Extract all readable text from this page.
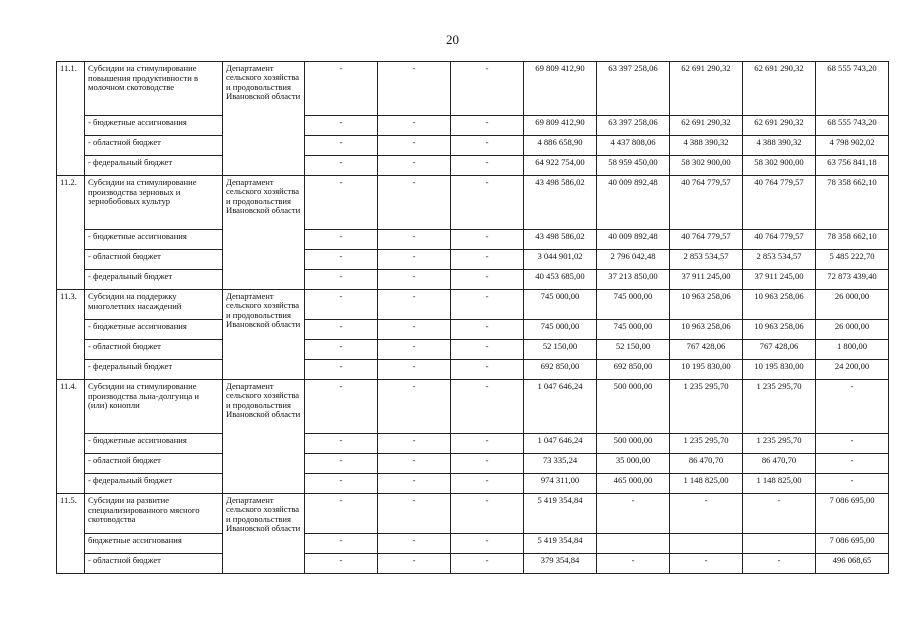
20
11.1.	Субсидии на стимулирование повышения продуктивности в молочном скотоводстве	Департамент сельского хозяйства и продовольствия Ивановской области	-	-	-	69 809 412,90	63 397 258,06	62 691 290,32	62 691 290,32	68 555 743,20
	- бюджетные ассигнования		-	-	-	69 809 412,90	63 397 258,06	62 691 290,32	62 691 290,32	68 555 743,20
	- областной бюджет		-	-	-	4 886 658,90	4 437 808,06	4 388 390,32	4 388 390,32	4 798 902,02
	- федеральный бюджет		-	-	-	64 922 754,00	58 959 450,00	58 302 900,00	58 302 900,00	63 756 841,18
11.2.	Субсидии на стимулирование производства зерновых и зернобобовых культур	Департамент сельского хозяйства и продовольствия Ивановской области	-	-	-	43 498 586,02	40 009 892,48	40 764 779,57	40 764 779,57	78 358 662,10
	- бюджетные ассигнования		-	-	-	43 498 586,02	40 009 892,48	40 764 779,57	40 764 779,57	78 358 662,10
	- областной бюджет		-	-	-	3 044 901,02	2 796 042,48	2 853 534,57	2 853 534,57	5 485 222,70
	- федеральный бюджет		-	-	-	40 453 685,00	37 213 850,00	37 911 245,00	37 911 245,00	72 873 439,40
11.3.	Субсидии на поддержку многолетних насаждений	Департамент сельского хозяйства и продовольствия Ивановской области	-	-	-	745 000,00	745 000,00	10 963 258,06	10 963 258,06	26 000,00
	- бюджетные ассигнования		-	-	-	745 000,00	745 000,00	10 963 258,06	10 963 258,06	26 000,00
	- областной бюджет		-	-	-	52 150,00	52 150,00	767 428,06	767 428,06	1 800,00
	- федеральный бюджет		-	-	-	692 850,00	692 850,00	10 195 830,00	10 195 830,00	24 200,00
11.4.	Субсидии на стимулирование производства льна-долгунца и (или) конопли	Департамент сельского хозяйства и продовольствия Ивановской области	-	-	-	1 047 646,24	500 000,00	1 235 295,70	1 235 295,70	-
	- бюджетные ассигнования		-	-	-	1 047 646,24	500 000,00	1 235 295,70	1 235 295,70	-
	- областной бюджет		-	-	-	73 335,24	35 000,00	86 470,70	86 470,70	-
	- федеральный бюджет		-	-	-	974 311,00	465 000,00	1 148 825,00	1 148 825,00	-
11.5.	Субсидии на развитие специализированного мясного скотоводства	Департамент сельского хозяйства и продовольствия Ивановской области	-	-	-	5 419 354,84	-	-	-	7 086 695,00
	бюджетные ассигнования		-	-	-	5 419 354,84				7 086 695,00
	- областной бюджет		-	-	-	379 354,84	-	-	-	496 068,65
